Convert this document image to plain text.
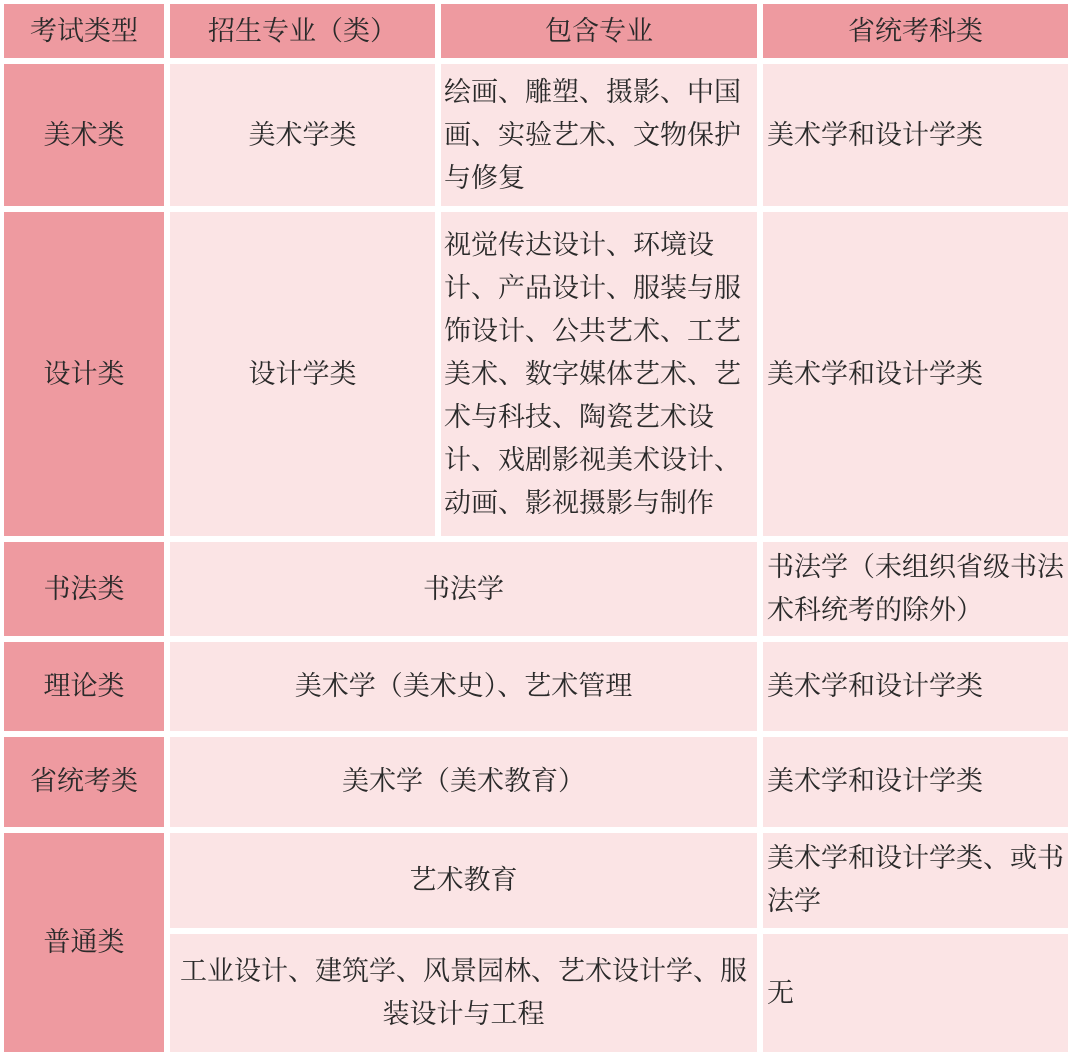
考试类型	招生专业（类）	包含专业	省统考科类
美术类	美术学类	绘画、雕塑、摄影、中国画、实验艺术、文物保护与修复	美术学和设计学类
设计类	设计学类	视觉传达设计、环境设计、产品设计、服装与服饰设计、公共艺术、工艺美术、数字媒体艺术、艺术与科技、陶瓷艺术设计、戏剧影视美术设计、动画、影视摄影与制作	美术学和设计学类
书法类	书法学		书法学（未组织省级书法术科统考的除外）
理论类	美术学（美术史）、艺术管理		美术学和设计学类
省统考类	美术学（美术教育）		美术学和设计学类
普通类	艺术教育		美术学和设计学类、或书法学
	工业设计、建筑学、风景园林、艺术设计学、服装设计与工程		无
